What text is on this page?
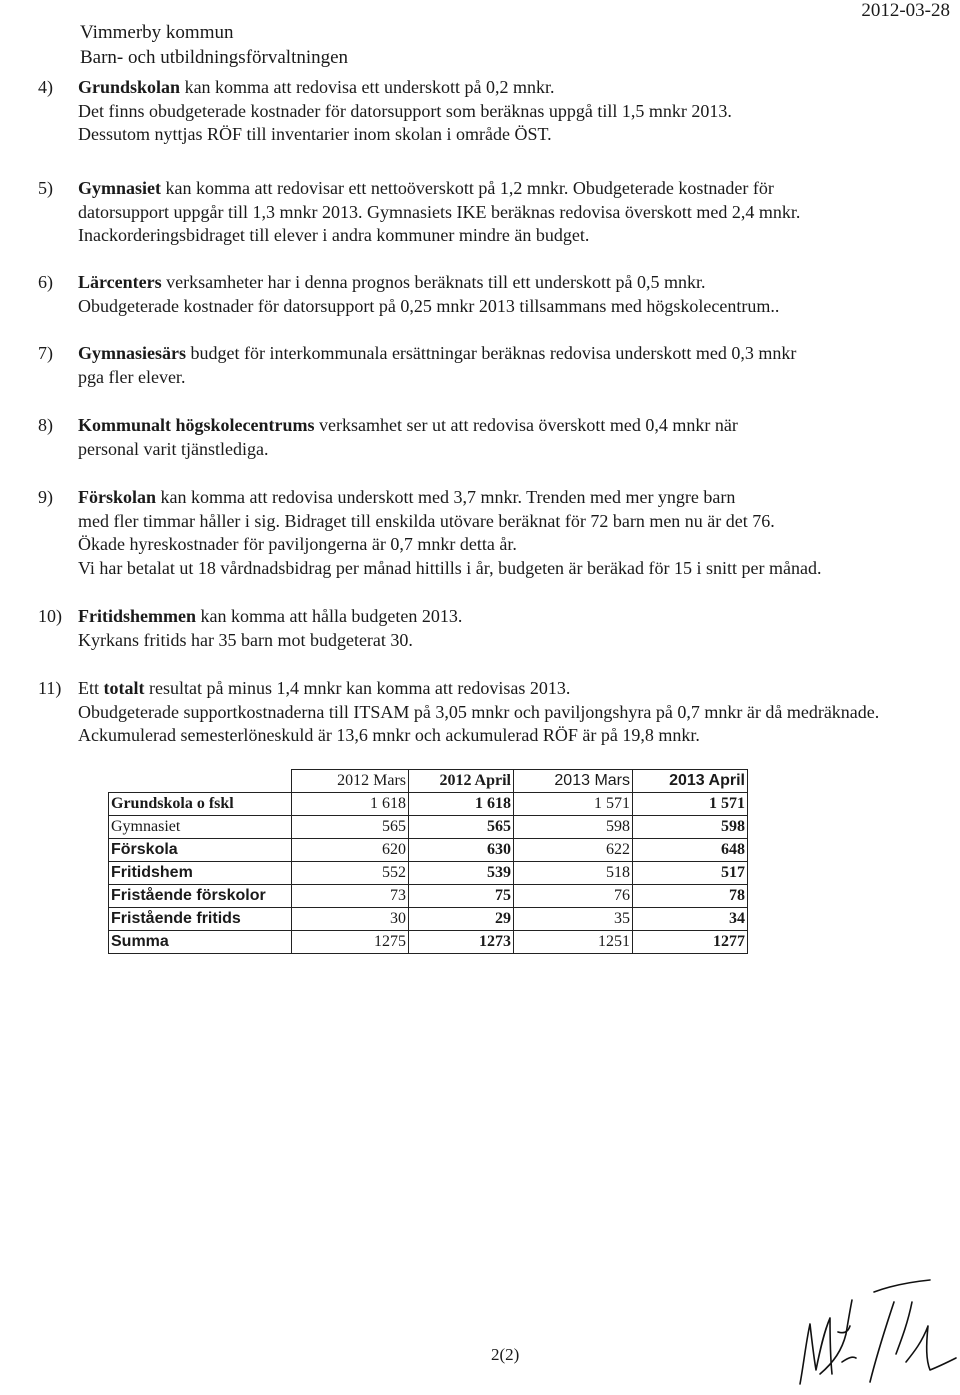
Vimmerby kommun
Barn- och utbildningsförvaltningen
2012-03-28
4) Grundskolan kan komma att redovisa ett underskott på 0,2 mnkr.
Det finns obudgeterade kostnader för datorsupport som beräknas uppgå till 1,5 mnkr 2013.
Dessutom nyttjas RÖF till inventarier inom skolan i område ÖST.
5) Gymnasiet kan komma att redovisar ett nettoöverskott på 1,2 mnkr. Obudgeterade kostnader för
datorsupport uppgår till 1,3 mnkr 2013. Gymnasiets IKE beräknas redovisa överskott med 2,4 mnkr.
Inackorderingsbidraget till elever i andra kommuner mindre än budget.
6) Lärcenters verksamheter har i denna prognos beräknats till ett underskott på 0,5 mnkr.
Obudgeterade kostnader för datorsupport på 0,25 mnkr 2013 tillsammans med högskolecentrum..
7) Gymnasiesärs budget för interkommunala ersättningar beräknas redovisa underskott med 0,3 mnkr
pga fler elever.
8) Kommunalt högskolecentrums verksamhet ser ut att redovisa överskott med 0,4 mnkr när
personal varit tjänstlediga.
9) Förskolan kan komma att redovisa underskott med 3,7 mnkr. Trenden med mer yngre barn
med fler timmar håller i sig. Bidraget till enskilda utövare beräknat för 72 barn men nu är det 76.
Ökade hyreskostnader för paviljongerna är 0,7 mnkr detta år.
Vi har betalat ut 18 vårdnadsbidrag per månad hittills i år, budgeten är beräkad för 15 i snitt per månad.
10) Fritidshemmen kan komma att hålla budgeten 2013.
Kyrkans fritids har 35 barn mot budgeterat 30.
11) Ett totalt resultat på minus 1,4 mnkr kan komma att redovisas 2013.
Obudgeterade supportkostnaderna till ITSAM på 3,05 mnkr och paviljongshyra på 0,7 mnkr är då medräknade.
Ackumulerad semesterlöneskuld är 13,6 mnkr och ackumulerad RÖF är på 19,8 mnkr.
	2012 Mars	2012 April	2013 Mars	2013 April
Grundskola o fskl	1 618	1 618	1 571	1 571
Gymnasiet	565	565	598	598
Förskola	620	630	622	648
Fritidshem	552	539	518	517
Fristående förskolor	73	75	76	78
Fristående fritids	30	29	35	34
Summa	1275	1273	1251	1277
2(2)
